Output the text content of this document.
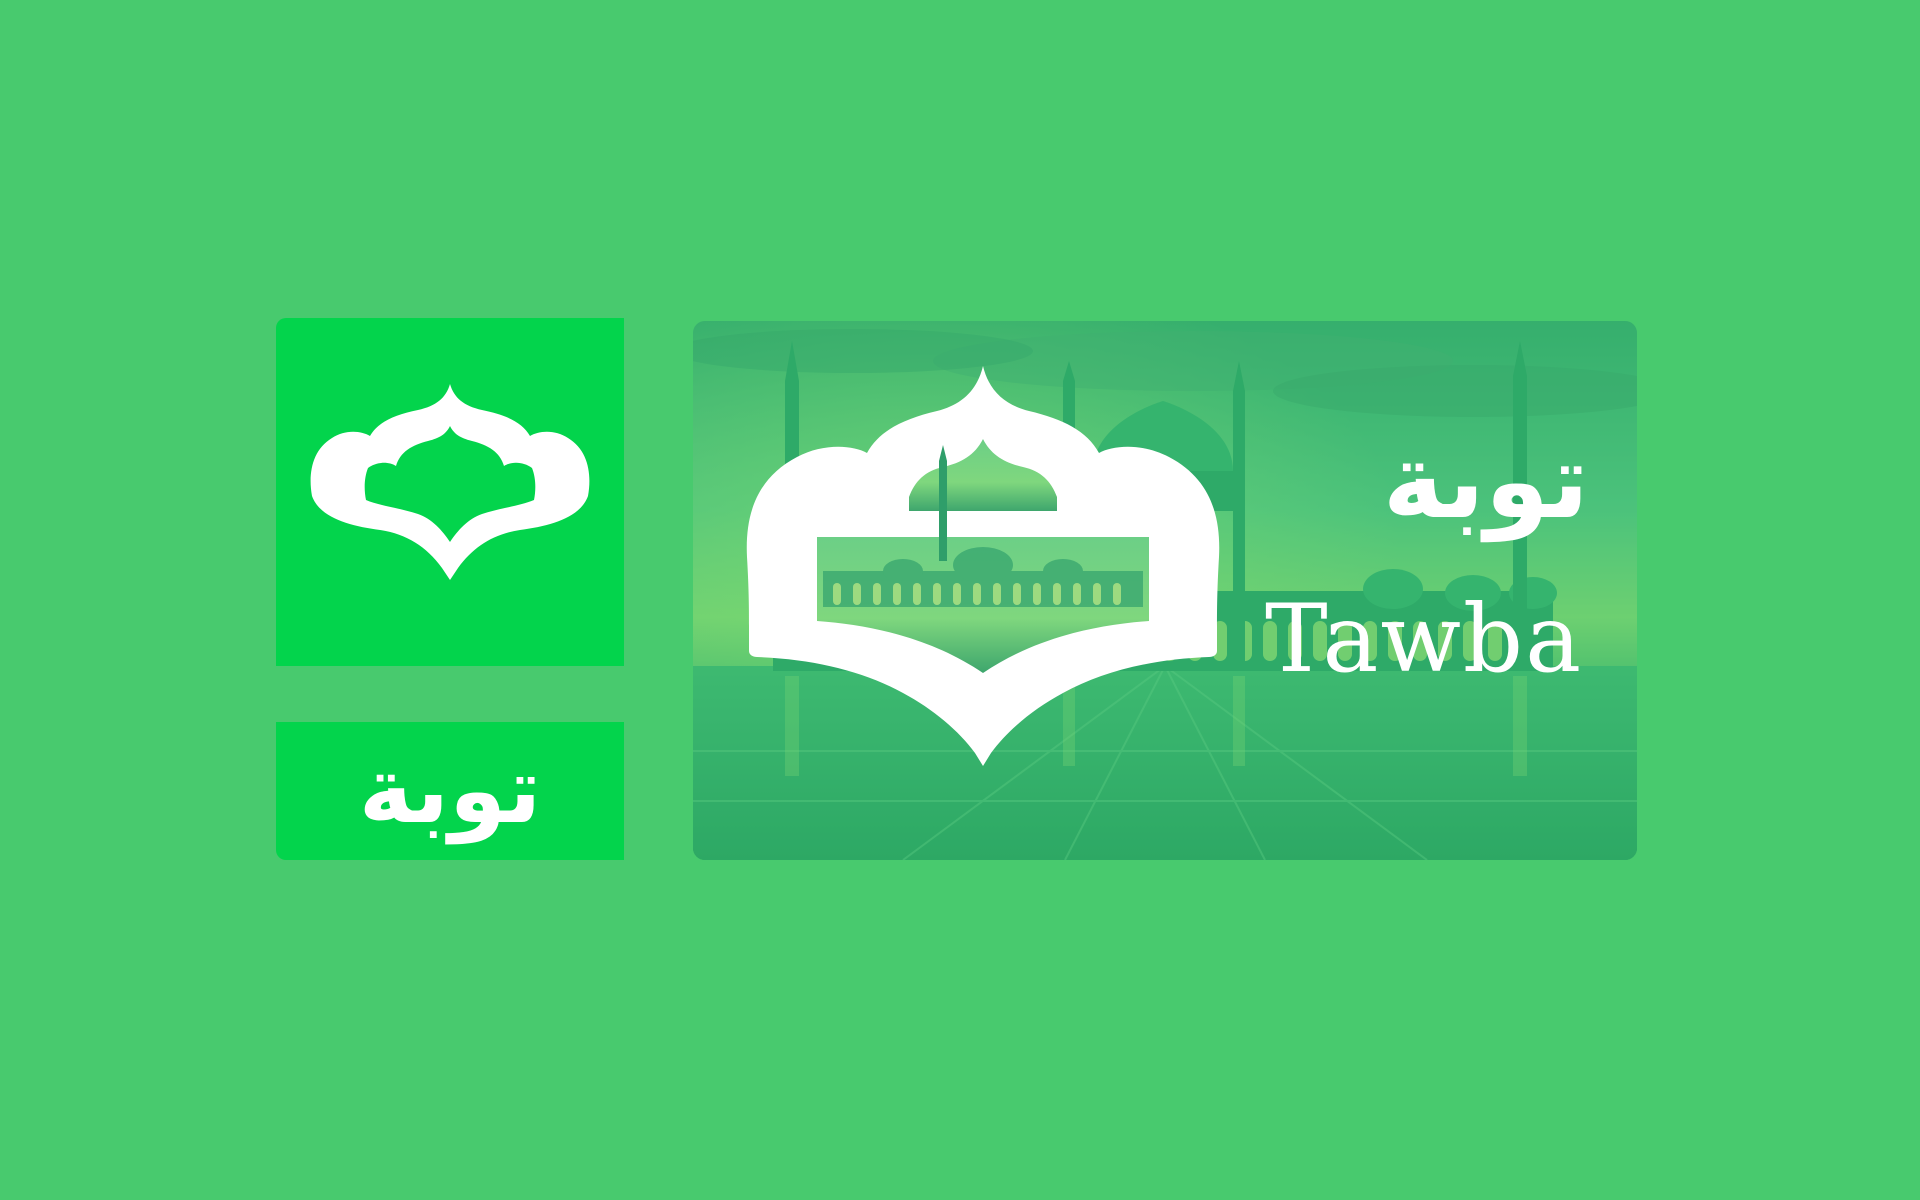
توبة
توبة
Tawba
